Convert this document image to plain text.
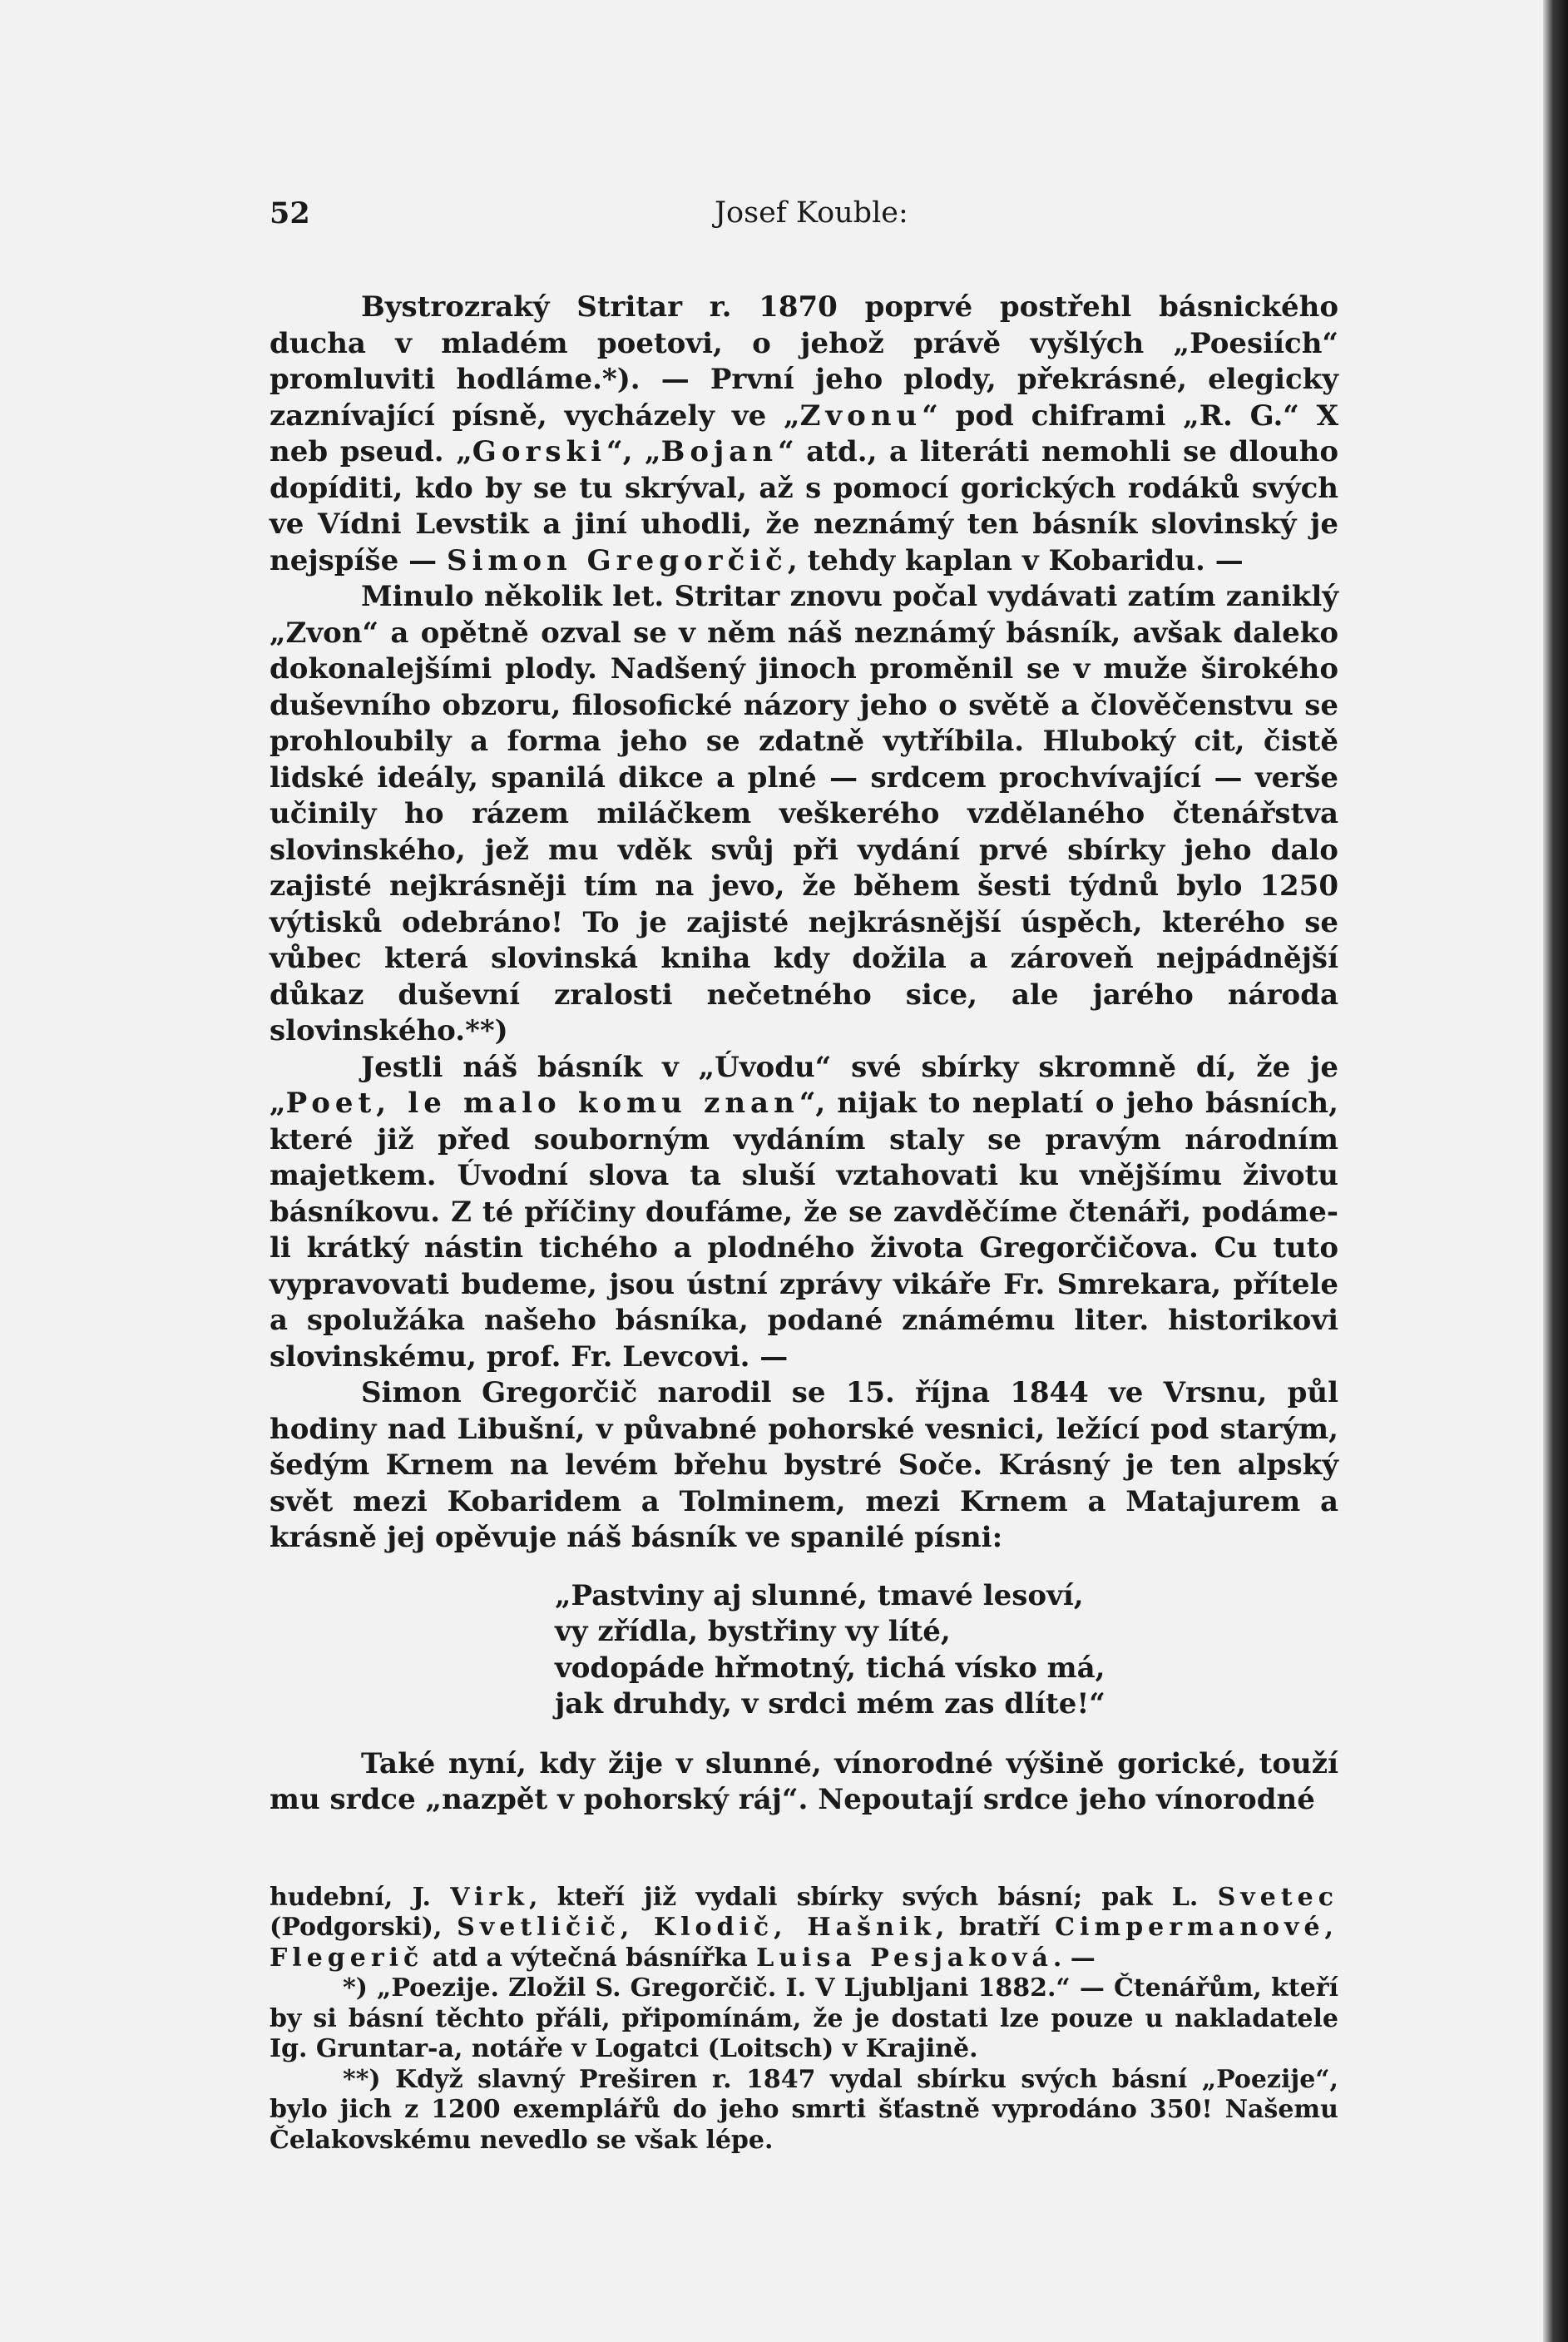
52	Josef Kouble:

Bystrozraký Stritar r. 1870 poprvé postřehl básnického ducha v mladém poetovi, o jehož právě vyšlých „Poesiích“ promluviti hodláme.*). — První jeho plody, překrásné, elegicky zaznívající písně, vycházely ve „Zvonu“ pod chiframi „R. G.“ X neb pseud. „Gorski“, „Bojan“ atd., a literáti nemohli se dlouho dopíditi, kdo by se tu skrýval, až s pomocí gorických rodáků svých ve Vídni Levstik a jiní uhodli, že neznámý ten básník slovinský je nejspíše — Simon Gregorčič, tehdy kaplan v Kobaridu. —

Minulo několik let. Stritar znovu počal vydávati zatím zaniklý „Zvon“ a opětně ozval se v něm náš neznámý básník, avšak daleko dokonalejšími plody. Nadšený jinoch proměnil se v muže širokého duševního obzoru, filosofické názory jeho o světě a člověčenstvu se prohloubily a forma jeho se zdatně vytříbila. Hluboký cit, čistě lidské ideály, spanilá dikce a plné — srdcem prochvívající — verše učinily ho rázem miláčkem veškerého vzdělaného čtenářstva slovinského, jež mu vděk svůj při vydání prvé sbírky jeho dalo zajisté nejkrásněji tím na jevo, že během šesti týdnů bylo 1250 výtisků odebráno! To je zajisté nejkrásnější úspěch, kterého se vůbec která slovinská kniha kdy dožila a zároveň nejpádnější důkaz duševní zralosti nečetného sice, ale jarého národa slovinského.**)

Jestli náš básník v „Úvodu“ své sbírky skromně dí, že je „Poet, le malo komu znan“, nijak to neplatí o jeho básních, které již před souborným vydáním staly se pravým národním majetkem. Úvodní slova ta sluší vztahovati ku vnějšímu životu básníkovu. Z té příčiny doufáme, že se zavděčíme čtenáři, podáme-li krátký nástin tichého a plodného života Gregorčičova. Cu tuto vypravovati budeme, jsou ústní zprávy vikáře Fr. Smrekara, přítele a spolužáka našeho básníka, podané známému liter. historikovi slovinskému, prof. Fr. Levcovi. —

Simon Gregorčič narodil se 15. října 1844 ve Vrsnu, půl hodiny nad Libušní, v půvabné pohorské vesnici, ležící pod starým, šedým Krnem na levém břehu bystré Soče. Krásný je ten alpský svět mezi Kobaridem a Tolminem, mezi Krnem a Matajurem a krásně jej opěvuje náš básník ve spanilé písni:

„Pastviny aj slunné, tmavé lesoví,
vy zřídla, bystřiny vy líté,
vodopáde hřmotný, tichá vísko má,
jak druhdy, v srdci mém zas dlíte!“

Také nyní, kdy žije v slunné, vínorodné výšině gorické, touží mu srdce „nazpět v pohorský ráj“. Nepoutají srdce jeho vínorodné

hudební, J. Virk, kteří již vydali sbírky svých básní; pak L. Svetec (Podgorski), Svetličič, Klodič, Hašnik, bratří Cimpermanové, Flegerič atd a výtečná básnířka Luisa Pesjaková. —

*) „Poezije. Zložil S. Gregorčič. I. V Ljubljani 1882.“ — Čtenářům, kteří by si básní těchto přáli, připomínám, že je dostati lze pouze u nakladatele Ig. Gruntar-a, notáře v Logatci (Loitsch) v Krajině.

**) Když slavný Preširen r. 1847 vydal sbírku svých básní „Poezije“, bylo jich z 1200 exemplářů do jeho smrti šťastně vyprodáno 350! Našemu Čelakovskému nevedlo se však lépe.
